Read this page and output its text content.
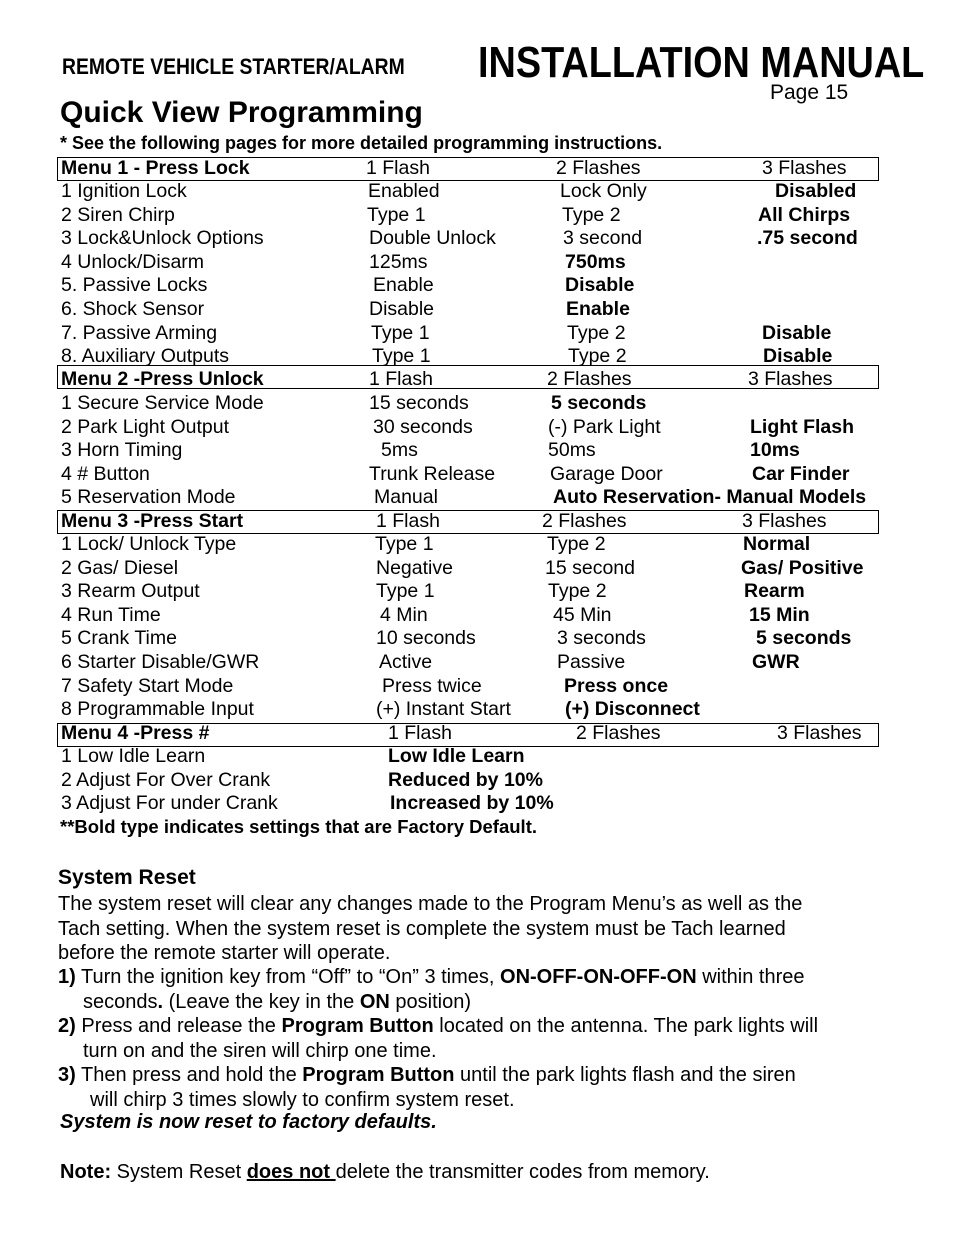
REMOTE VEHICLE STARTER/ALARM INSTALLATION MANUAL
Page 15
Quick View Programming
* See the following pages for more detailed programming instructions.
Menu 1 - Press Lock	1 Flash	2 Flashes	3 Flashes
1 Ignition Lock	Enabled	Lock Only	Disabled
2 Siren Chirp	Type 1	Type 2	All Chirps
3 Lock&Unlock Options	Double Unlock	3 second	.75 second
4 Unlock/Disarm	125ms	750ms
5. Passive Locks	Enable	Disable
6. Shock Sensor	Disable	Enable
7. Passive Arming	Type 1	Type 2	Disable
8. Auxiliary Outputs	Type 1	Type 2	Disable
Menu 2 -Press Unlock	1 Flash	2 Flashes	3 Flashes
1 Secure Service Mode	15 seconds	5 seconds
2 Park Light Output	30 seconds	(-) Park Light	Light Flash
3 Horn Timing	5ms	50ms	10ms
4 # Button	Trunk Release	Garage Door	Car Finder
5 Reservation Mode	Manual	Auto Reservation- Manual Models
Menu 3 -Press Start	1 Flash	2 Flashes	3 Flashes
1 Lock/ Unlock Type	Type 1	Type 2	Normal
2 Gas/ Diesel	Negative	15 second	Gas/ Positive
3 Rearm Output	Type 1	Type 2	Rearm
4 Run Time	4 Min	45 Min	15 Min
5 Crank Time	10 seconds	3 seconds	5 seconds
6 Starter Disable/GWR	Active	Passive	GWR
7 Safety Start Mode	Press twice	Press once
8 Programmable Input	(+) Instant Start	(+) Disconnect
Menu 4 -Press #	1 Flash	2 Flashes	3 Flashes
1 Low Idle Learn	Low Idle Learn
2 Adjust For Over Crank	Reduced by 10%
3 Adjust For under Crank	Increased by 10%
**Bold type indicates settings that are Factory Default.
System Reset
The system reset will clear any changes made to the Program Menu’s as well as the
Tach setting. When the system reset is complete the system must be Tach learned
before the remote starter will operate.
1) Turn the ignition key from “Off” to “On” 3 times, ON-OFF-ON-OFF-ON within three
seconds. (Leave the key in the ON position)
2) Press and release the Program Button located on the antenna. The park lights will
turn on and the siren will chirp one time.
3) Then press and hold the Program Button until the park lights flash and the siren
will chirp 3 times slowly to confirm system reset.
System is now reset to factory defaults.
Note: System Reset does not delete the transmitter codes from memory.
